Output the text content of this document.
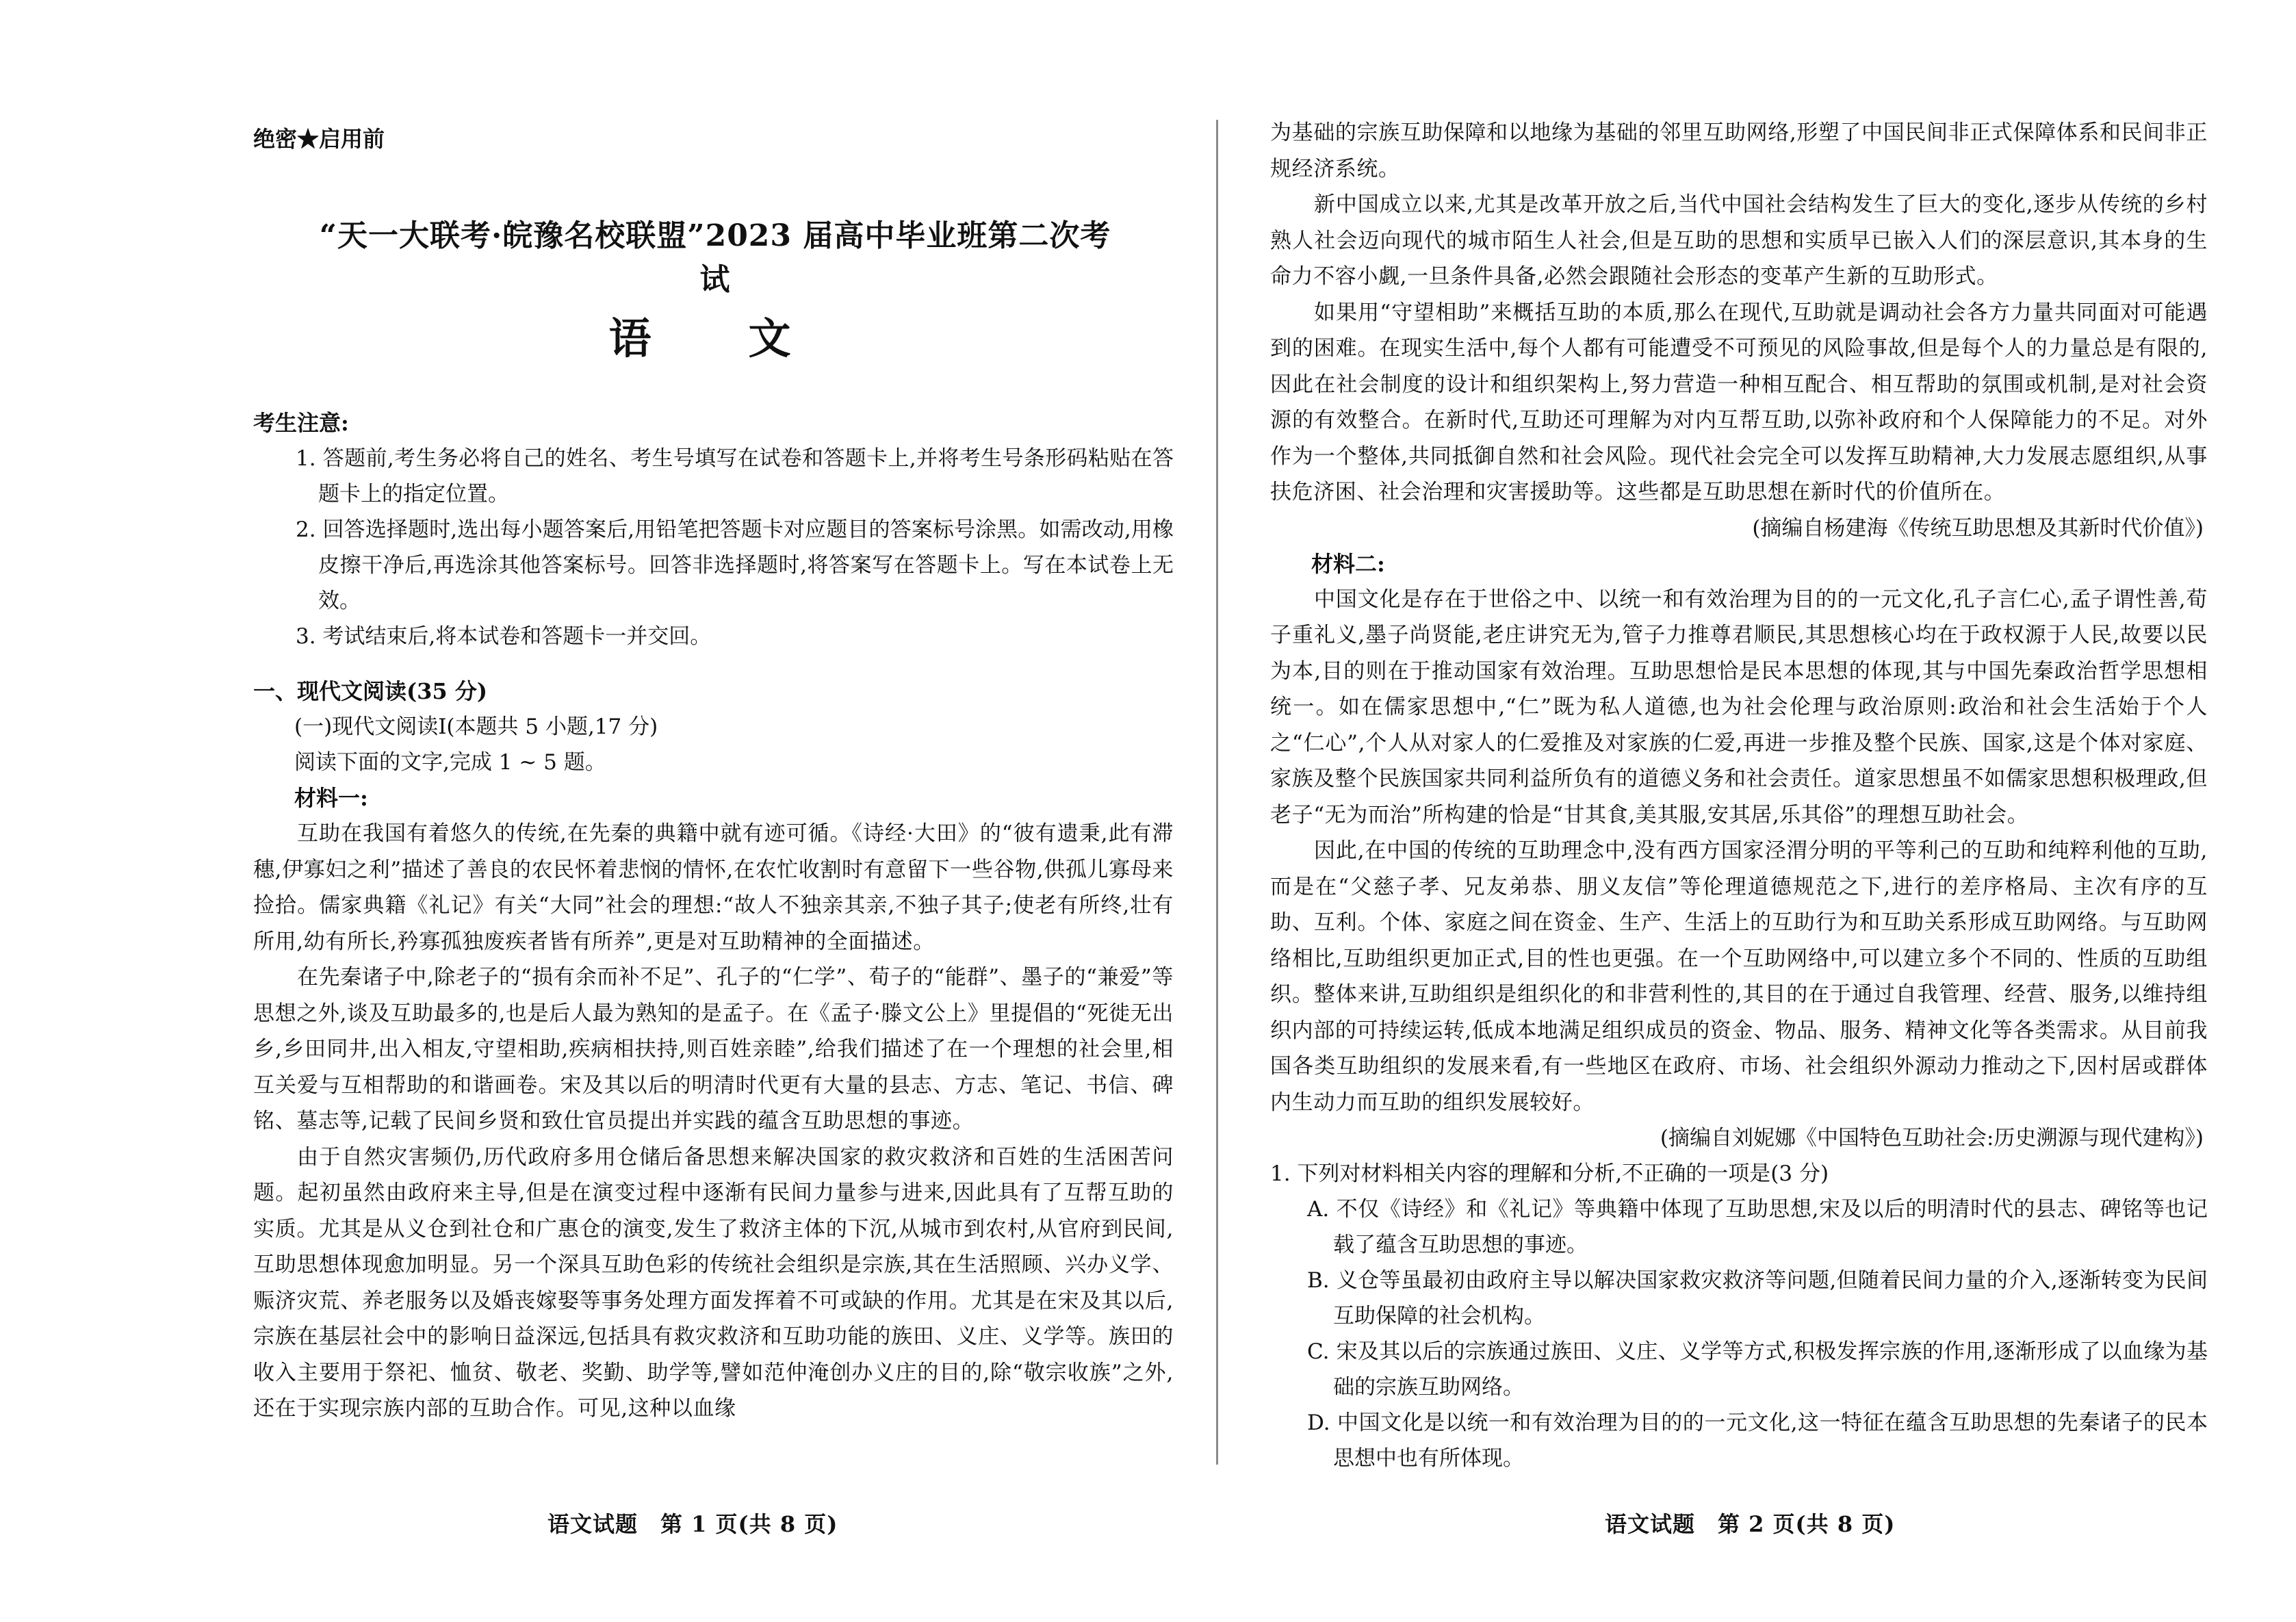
绝密★启用前
“天一大联考·皖豫名校联盟”2023 届高中毕业班第二次考试
语　文
考生注意:
1. 答题前,考生务必将自己的姓名、考生号填写在试卷和答题卡上,并将考生号条形码粘贴在答题卡上的指定位置。
2. 回答选择题时,选出每小题答案后,用铅笔把答题卡对应题目的答案标号涂黑。如需改动,用橡皮擦干净后,再选涂其他答案标号。回答非选择题时,将答案写在答题卡上。写在本试卷上无效。
3. 考试结束后,将本试卷和答题卡一并交回。
一、现代文阅读(35 分)
(一)现代文阅读Ⅰ(本题共 5 小题,17 分)
阅读下面的文字,完成 1 ~ 5 题。
材料一:

互助在我国有着悠久的传统,在先秦的典籍中就有迹可循。《诗经·大田》的“彼有遗秉,此有滞穗,伊寡妇之利”描述了善良的农民怀着悲悯的情怀,在农忙收割时有意留下一些谷物,供孤儿寡母来捡拾。儒家典籍《礼记》有关“大同”社会的理想:“故人不独亲其亲,不独子其子;使老有所终,壮有所用,幼有所长,矜寡孤独废疾者皆有所养”,更是对互助精神的全面描述。

在先秦诸子中,除老子的“损有余而补不足”、孔子的“仁学”、荀子的“能群”、墨子的“兼爱”等思想之外,谈及互助最多的,也是后人最为熟知的是孟子。在《孟子·滕文公上》里提倡的“死徙无出乡,乡田同井,出入相友,守望相助,疾病相扶持,则百姓亲睦”,给我们描述了在一个理想的社会里,相互关爱与互相帮助的和谐画卷。宋及其以后的明清时代更有大量的县志、方志、笔记、书信、碑铭、墓志等,记载了民间乡贤和致仕官员提出并实践的蕴含互助思想的事迹。

由于自然灾害频仍,历代政府多用仓储后备思想来解决国家的救灾救济和百姓的生活困苦问题。起初虽然由政府来主导,但是在演变过程中逐渐有民间力量参与进来,因此具有了互帮互助的实质。尤其是从义仓到社仓和广惠仓的演变,发生了救济主体的下沉,从城市到农村,从官府到民间,互助思想体现愈加明显。另一个深具互助色彩的传统社会组织是宗族,其在生活照顾、兴办义学、赈济灾荒、养老服务以及婚丧嫁娶等事务处理方面发挥着不可或缺的作用。尤其是在宋及其以后,宗族在基层社会中的影响日益深远,包括具有救灾救济和互助功能的族田、义庄、义学等。族田的收入主要用于祭祀、恤贫、敬老、奖勤、助学等,譬如范仲淹创办义庄的目的,除“敬宗收族”之外,还在于实现宗族内部的互助合作。可见,这种以血缘

语文试题　第 1 页(共 8 页)

为基础的宗族互助保障和以地缘为基础的邻里互助网络,形塑了中国民间非正式保障体系和民间非正规经济系统。

新中国成立以来,尤其是改革开放之后,当代中国社会结构发生了巨大的变化,逐步从传统的乡村熟人社会迈向现代的城市陌生人社会,但是互助的思想和实质早已嵌入人们的深层意识,其本身的生命力不容小觑,一旦条件具备,必然会跟随社会形态的变革产生新的互助形式。

如果用“守望相助”来概括互助的本质,那么在现代,互助就是调动社会各方力量共同面对可能遇到的困难。在现实生活中,每个人都有可能遭受不可预见的风险事故,但是每个人的力量总是有限的,因此在社会制度的设计和组织架构上,努力营造一种相互配合、相互帮助的氛围或机制,是对社会资源的有效整合。在新时代,互助还可理解为对内互帮互助,以弥补政府和个人保障能力的不足。对外作为一个整体,共同抵御自然和社会风险。现代社会完全可以发挥互助精神,大力发展志愿组织,从事扶危济困、社会治理和灾害援助等。这些都是互助思想在新时代的价值所在。

(摘编自杨建海《传统互助思想及其新时代价值》)
材料二:

中国文化是存在于世俗之中、以统一和有效治理为目的的一元文化,孔子言仁心,孟子谓性善,荀子重礼义,墨子尚贤能,老庄讲究无为,管子力推尊君顺民,其思想核心均在于政权源于人民,故要以民为本,目的则在于推动国家有效治理。互助思想恰是民本思想的体现,其与中国先秦政治哲学思想相统一。如在儒家思想中,“仁”既为私人道德,也为社会伦理与政治原则:政治和社会生活始于个人之“仁心”,个人从对家人的仁爱推及对家族的仁爱,再进一步推及整个民族、国家,这是个体对家庭、家族及整个民族国家共同利益所负有的道德义务和社会责任。道家思想虽不如儒家思想积极理政,但老子“无为而治”所构建的恰是“甘其食,美其服,安其居,乐其俗”的理想互助社会。

因此,在中国的传统的互助理念中,没有西方国家泾渭分明的平等利己的互助和纯粹利他的互助,而是在“父慈子孝、兄友弟恭、朋义友信”等伦理道德规范之下,进行的差序格局、主次有序的互助、互利。个体、家庭之间在资金、生产、生活上的互助行为和互助关系形成互助网络。与互助网络相比,互助组织更加正式,目的性也更强。在一个互助网络中,可以建立多个不同的、性质的互助组织。整体来讲,互助组织是组织化的和非营利性的,其目的在于通过自我管理、经营、服务,以维持组织内部的可持续运转,低成本地满足组织成员的资金、物品、服务、精神文化等各类需求。从目前我国各类互助组织的发展来看,有一些地区在政府、市场、社会组织外源动力推动之下,因村居或群体内生动力而互助的组织发展较好。

(摘编自刘妮娜《中国特色互助社会:历史溯源与现代建构》)
1. 下列对材料相关内容的理解和分析,不正确的一项是(3 分)
A. 不仅《诗经》和《礼记》等典籍中体现了互助思想,宋及以后的明清时代的县志、碑铭等也记载了蕴含互助思想的事迹。
B. 义仓等虽最初由政府主导以解决国家救灾救济等问题,但随着民间力量的介入,逐渐转变为民间互助保障的社会机构。
C. 宋及其以后的宗族通过族田、义庄、义学等方式,积极发挥宗族的作用,逐渐形成了以血缘为基础的宗族互助网络。
D. 中国文化是以统一和有效治理为目的的一元文化,这一特征在蕴含互助思想的先秦诸子的民本思想中也有所体现。
语文试题　第 2 页(共 8 页)
